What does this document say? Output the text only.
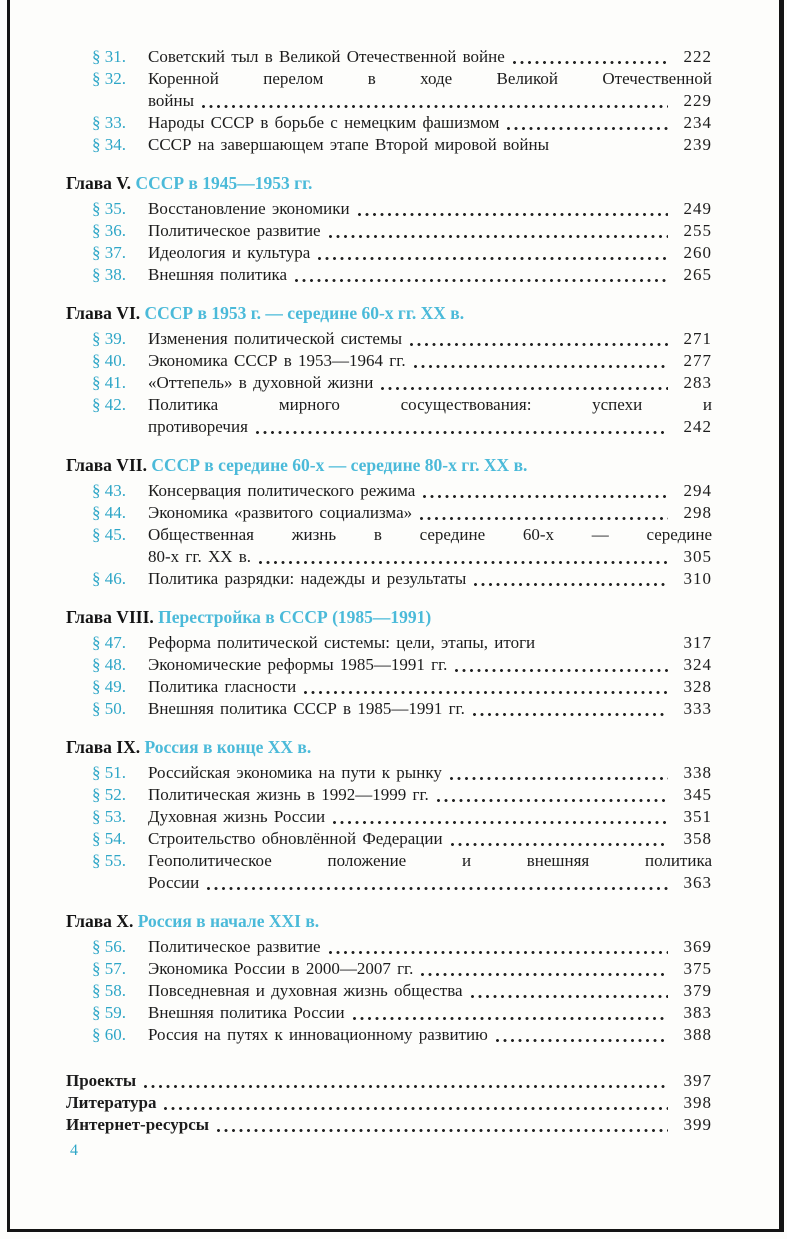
§ 31.	Советский тыл в Великой Отечественной войне	222
§ 32.	Коренной перелом в ходе Великой Отечественной
войны	229
§ 33.	Народы СССР в борьбе с немецким фашизмом	234
§ 34.	СССР на завершающем этапе Второй мировой войны	239
Глава V. СССР в 1945—1953 гг.
§ 35.	Восстановление экономики	249
§ 36.	Политическое развитие	255
§ 37.	Идеология и культура	260
§ 38.	Внешняя политика	265
Глава VI. СССР в 1953 г. — середине 60-х гг. XX в.
§ 39.	Изменения политической системы	271
§ 40.	Экономика СССР в 1953—1964 гг.	277
§ 41.	«Оттепель» в духовной жизни	283
§ 42.	Политика мирного сосуществования: успехи и
противоречия	242
Глава VII. СССР в середине 60-х — середине 80-х гг. XX в.
§ 43.	Консервация политического режима	294
§ 44.	Экономика «развитого социализма»	298
§ 45.	Общественная жизнь в середине 60-х — середине
80-х гг. XX в.	305
§ 46.	Политика разрядки: надежды и результаты	310
Глава VIII. Перестройка в СССР (1985—1991)
§ 47.	Реформа политической системы: цели, этапы, итоги	317
§ 48.	Экономические реформы 1985—1991 гг.	324
§ 49.	Политика гласности	328
§ 50.	Внешняя политика СССР в 1985—1991 гг.	333
Глава IX. Россия в конце XX в.
§ 51.	Российская экономика на пути к рынку	338
§ 52.	Политическая жизнь в 1992—1999 гг.	345
§ 53.	Духовная жизнь России	351
§ 54.	Строительство обновлённой Федерации	358
§ 55.	Геополитическое положение и внешняя политика
России	363
Глава X. Россия в начале XXI в.
§ 56.	Политическое развитие	369
§ 57.	Экономика России в 2000—2007 гг.	375
§ 58.	Повседневная и духовная жизнь общества	379
§ 59.	Внешняя политика России	383
§ 60.	Россия на путях к инновационному развитию	388
Проекты	397
Литература	398
Интернет-ресурсы	399
4
